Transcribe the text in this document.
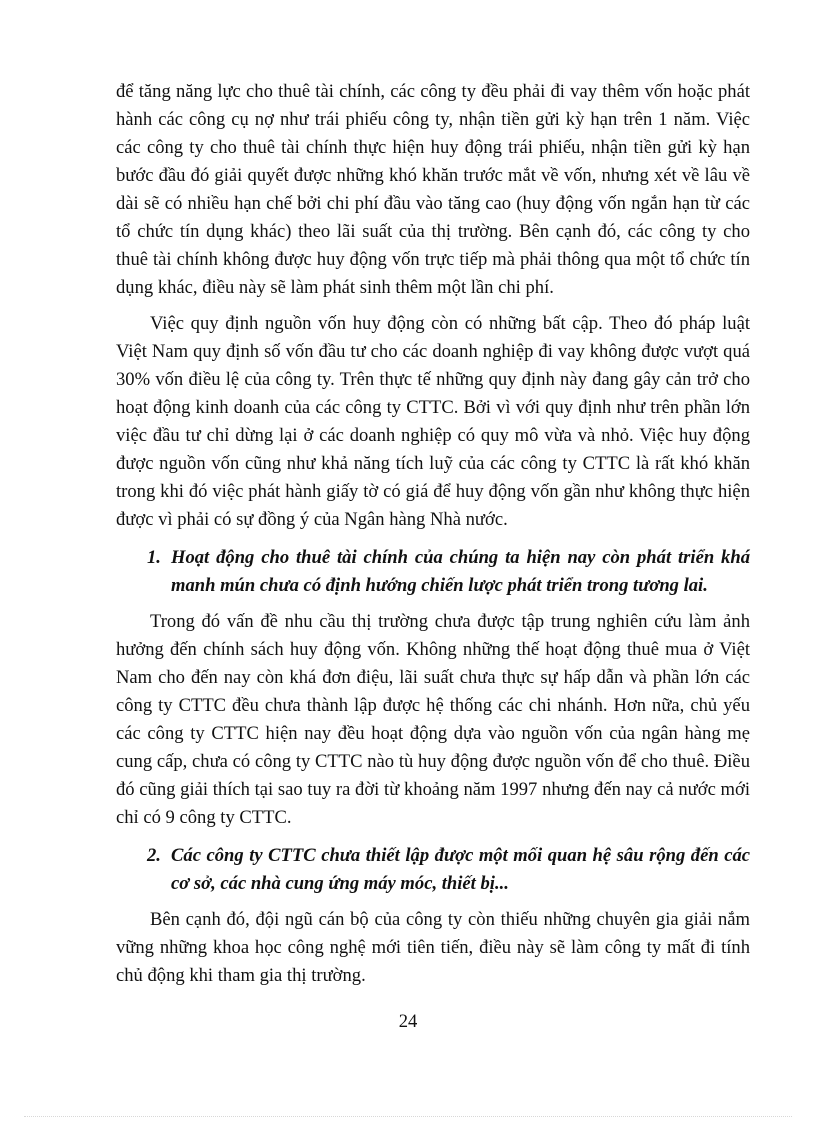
để tăng năng lực cho thuê tài chính, các công ty đều phải đi vay thêm vốn hoặc phát hành các công cụ nợ như trái phiếu công ty, nhận tiền gửi kỳ hạn trên 1 năm. Việc các công ty cho thuê tài chính thực hiện huy động trái phiếu, nhận tiền gửi kỳ hạn bước đầu đó giải quyết được những khó khăn trước mắt về vốn, nhưng xét về lâu về dài sẽ có nhiều hạn chế bởi chi phí đầu vào tăng cao (huy động vốn ngắn hạn từ các tổ chức tín dụng khác) theo lãi suất của thị trường. Bên cạnh đó, các công ty cho thuê tài chính không được huy động vốn trực tiếp mà phải thông qua một tổ chức tín dụng khác, điều này sẽ làm phát sinh thêm một lần chi phí.

Việc quy định nguồn vốn huy động còn có những bất cập. Theo đó pháp luật Việt Nam quy định số vốn đầu tư cho các doanh nghiệp đi vay không được vượt quá 30% vốn điều lệ của công ty. Trên thực tế những quy định này đang gây cản trở cho hoạt động kinh doanh của các công ty CTTC. Bởi vì với quy định như trên phần lớn việc đầu tư chỉ dừng lại ở các doanh nghiệp có quy mô vừa và nhỏ. Việc huy động được nguồn vốn cũng như khả năng tích luỹ của các công ty CTTC là rất khó khăn trong khi đó việc phát hành giấy tờ có giá để huy động vốn gần như không thực hiện được vì phải có sự đồng ý của Ngân hàng Nhà nước.

1. Hoạt động cho thuê tài chính của chúng ta hiện nay còn phát triển khá manh mún chưa có định hướng chiến lược phát triển trong tương lai.

Trong đó vấn đề nhu cầu thị trường chưa được tập trung nghiên cứu làm ảnh hưởng đến chính sách huy động vốn. Không những thế hoạt động thuê mua ở Việt Nam cho đến nay còn khá đơn điệu, lãi suất chưa thực sự hấp dẫn và phần lớn các công ty CTTC đều chưa thành lập được hệ thống các chi nhánh. Hơn nữa, chủ yếu các công ty CTTC hiện nay đều hoạt động dựa vào nguồn vốn của ngân hàng mẹ cung cấp, chưa có công ty CTTC nào tù huy động được nguồn vốn để cho thuê. Điều đó cũng giải thích tại sao tuy ra đời từ khoảng năm 1997 nhưng đến nay cả nước mới chỉ có 9 công ty CTTC.

2. Các công ty CTTC chưa thiết lập được một mối quan hệ sâu rộng đến các cơ sở, các nhà cung ứng máy móc, thiết bị...

Bên cạnh đó, đội ngũ cán bộ của công ty còn thiếu những chuyên gia giải nắm vững những khoa học công nghệ mới tiên tiến, điều này sẽ làm công ty mất đi tính chủ động khi tham gia thị trường.

24
